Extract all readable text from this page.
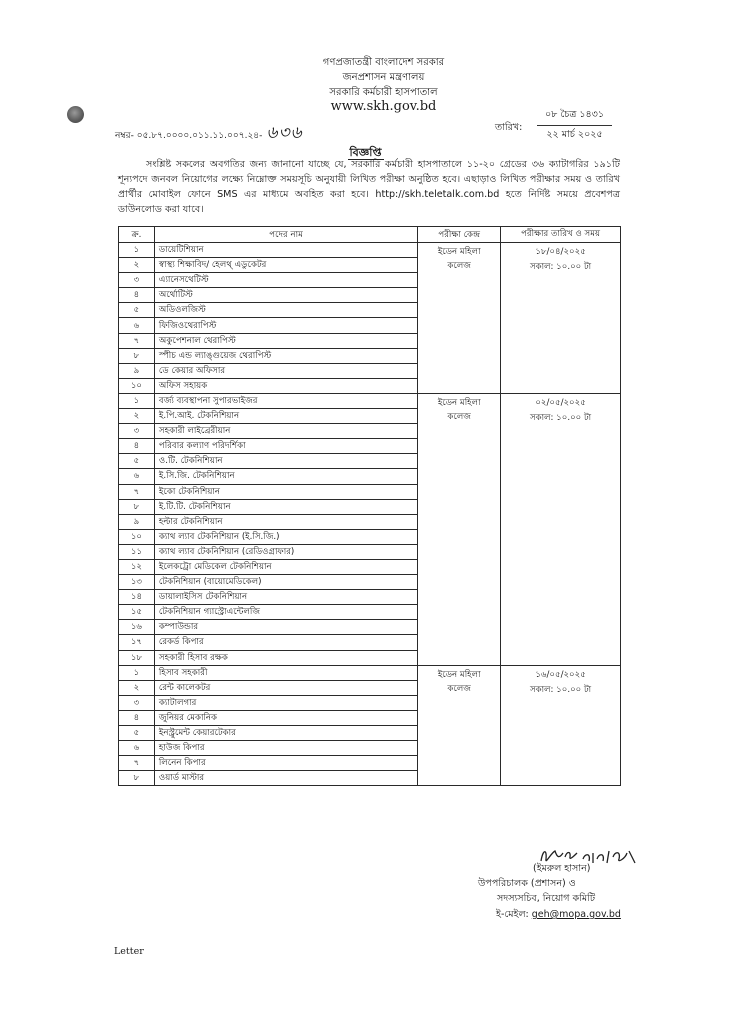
গণপ্রজাতন্ত্রী বাংলাদেশ সরকার
জনপ্রশাসন মন্ত্রণালয়
সরকারি কর্মচারী হাসপাতাল
www.skh.gov.bd
নম্বর- ০৫.৮৭.০০০০.০১১.১১.০০৭.২৪- ৬৩৬	তারিখ:
০৮ চৈত্র ১৪৩১
২২ মার্চ ২০২৫
বিজ্ঞপ্তি
সংশ্লিষ্ট সকলের অবগতির জন্য জানানো যাচ্ছে যে, সরকারি কর্মচারী হাসপাতালে ১১-২০ গ্রেডের ৩৬ ক্যাটাগরির ১৯১টি শূন্যপদে জনবল নিয়োগের লক্ষ্যে নিম্নোক্ত সময়সূচি অনুযায়ী লিখিত পরীক্ষা অনুষ্ঠিত হবে। এছাড়াও লিখিত পরীক্ষার সময় ও তারিখ প্রার্থীর মোবাইল ফোনে SMS এর মাধ্যমে অবহিত করা হবে। http://skh.teletalk.com.bd হতে নির্দিষ্ট সময়ে প্রবেশপত্র ডাউনলোড করা যাবে।
ক্র.	পদের নাম	পরীক্ষা কেন্দ্র	পরীক্ষার তারিখ ও সময়
১	ডায়েটিশিয়ান	ইডেন মহিলা কলেজ	১৮/০৪/২০২৫
সকাল: ১০.০০ টা

২	স্বাস্থ্য শিক্ষাবিদ/ হেলথ্ এডুকেটর		
৩	এ্যানেসথেটিস্ট		
৪	অর্থোটিস্ট		
৫	অডিওলজিস্ট		
৬	ফিজিওথেরাপিস্ট		
৭	অকুপেশনাল থেরাপিস্ট		
৮	স্পীচ এন্ড ল্যাঙ্গুয়েজ থেরাপিস্ট		
৯	ডে কেয়ার অফিসার		
১০	অফিস সহায়ক		
১	বর্জ্য ব্যবস্থাপনা সুপারভাইজর	ইডেন মহিলা কলেজ	০২/০৫/২০২৫
সকাল: ১০.০০ টা

২	ই.পি.আই. টেকনিশিয়ান		
৩	সহকারী লাইব্রেরীয়ান		
৪	পরিবার কল্যাণ পরিদর্শিকা		
৫	ও.টি. টেকনিশিয়ান		
৬	ই.সি.জি. টেকনিশিয়ান		
৭	ইকো টেকনিশিয়ান		
৮	ই.টি.টি. টেকনিশিয়ান		
৯	হল্টার টেকনিশিয়ান		
১০	ক্যাথ ল্যাব টেকনিশিয়ান (ই.সি.জি.)		
১১	ক্যাথ ল্যাব টেকনিশিয়ান (রেডিওগ্রাফার)		
১২	ইলেকট্রো মেডিকেল টেকনিশিয়ান		
১৩	টেকনিশিয়ান (বায়োমেডিকেল)		
১৪	ডায়ালাইসিস টেকনিশিয়ান		
১৫	টেকনিশিয়ান গ্যাস্ট্রোএন্টেলজি		
১৬	কম্পাউন্ডার		
১৭	রেকর্ড কিপার		
১৮	সহকারী হিসাব রক্ষক		
১	হিসাব সহকারী	ইডেন মহিলা কলেজ	১৬/০৫/২০২৫
সকাল: ১০.০০ টা

২	রেন্ট কালেকটর		
৩	ক্যাটালগার		
৪	জুনিয়র মেকানিক		
৫	ইনস্ট্রুমেন্ট কেয়ারটেকার		
৬	হাউজ কিপার		
৭	লিনেন কিপার		
৮	ওয়ার্ড মাস্টার		
(ইমরুল হাসান)
উপপরিচালক (প্রশাসন) ও
সদস্যসচিব, নিয়োগ কমিটি
ই-মেইল: geh@mopa.gov.bd
Letter
